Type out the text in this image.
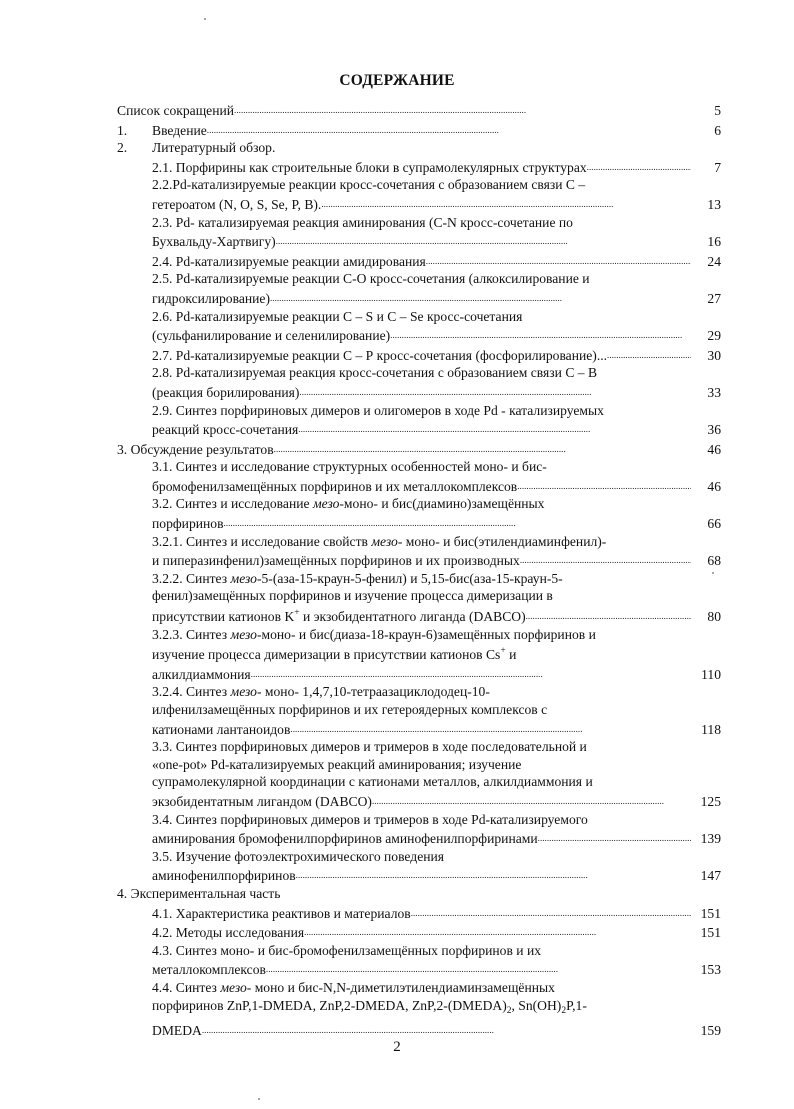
СОДЕРЖАНИЕ
Список сокращений . . .	5
1.	Введение . . .	6
2.	Литературный обзор.
2.1. Порфирины как строительные блоки в супрамолекулярных структурах . . .	7
2.2.Pd-катализируемые реакции кросс-сочетания с образованием связи C –
гетероатом (N, O, S, Se, P, B). . . .	13
2.3. Pd- катализируемая реакция аминирования (C-N кросс-сочетание по
Бухвальду-Хартвигу) . . .	16
2.4. Pd-катализируемые реакции амидирования . . .	24
2.5. Pd-катализируемые реакции C-O кросс-сочетания (алкоксилирование и
гидроксилирование) . . .	27
2.6. Pd-катализируемые реакции С – S и С – Se кросс-сочетания
(сульфанилирование и селенилирование) . . .	29
2.7. Pd-катализируемые реакции С – Р кросс-сочетания (фосфорилирование)... . . .	30
2.8. Pd-катализируемая реакция кросс-сочетания с образованием связи С – В
(реакция борилирования) . . .	33
2.9. Синтез порфириновых димеров и олигомеров в ходе Pd - катализируемых
реакций кросс-сочетания . . .	36
3. Обсуждение результатов . . .	46
3.1. Синтез и исследование структурных особенностей моно- и бис-
бромофенилзамещённых порфиринов и их металлокомплексов . . .	46
3.2. Синтез и исследование мезо-моно- и бис(диамино)замещённых
порфиринов . . .	66
3.2.1. Синтез и исследование свойств мезо- моно- и бис(этилендиаминфенил)-
и пиперазинфенил)замещённых порфиринов и их производных . . .	68
3.2.2. Синтез мезо-5-(аза-15-краун-5-фенил) и 5,15-бис(аза-15-краун-5-
фенил)замещённых порфиринов и изучение процесса димеризации в
присутствии катионов K+ и экзобидентатного лиганда (DABCO) . . .	80
3.2.3. Синтез мезо-моно- и бис(диаза-18-краун-6)замещённых порфиринов и
изучение процесса димеризации в присутствии катионов Cs+ и
алкилдиаммония . . .	110
3.2.4. Синтез мезо- моно- 1,4,7,10-тетраазациклододец-10-
илфенилзамещённых порфиринов и их гетероядерных комплексов с
катионами лантаноидов . . .	118
3.3. Синтез порфириновых димеров и тримеров в ходе последовательной и
«one-pot» Pd-катализируемых реакций аминирования; изучение
супрамолекулярной координации с катионами металлов, алкилдиаммония и
экзобидентатным лигандом (DABCO) . . .	125
3.4. Синтез порфириновых димеров и тримеров в ходе Pd-катализируемого
аминирования бромофенилпорфиринов аминофенилпорфиринами . . .	139
3.5. Изучение фотоэлектрохимического поведения
аминофенилпорфиринов . . .	147
4. Экспериментальная часть
4.1. Характеристика реактивов и материалов . . .	151
4.2. Методы исследования . . .	151
4.3. Синтез моно- и бис-бромофенилзамещённых порфиринов и их
металлокомплексов . . .	153
4.4. Синтез мезо- моно и бис-N,N-диметилэтилендиаминзамещённых
порфиринов ZnP,1-DMEDA, ZnP,2-DMEDA, $ZnP,2-(DMEDA)_2$, $Sn(OH)_2P,1-$
DMEDA . . .	159
2
